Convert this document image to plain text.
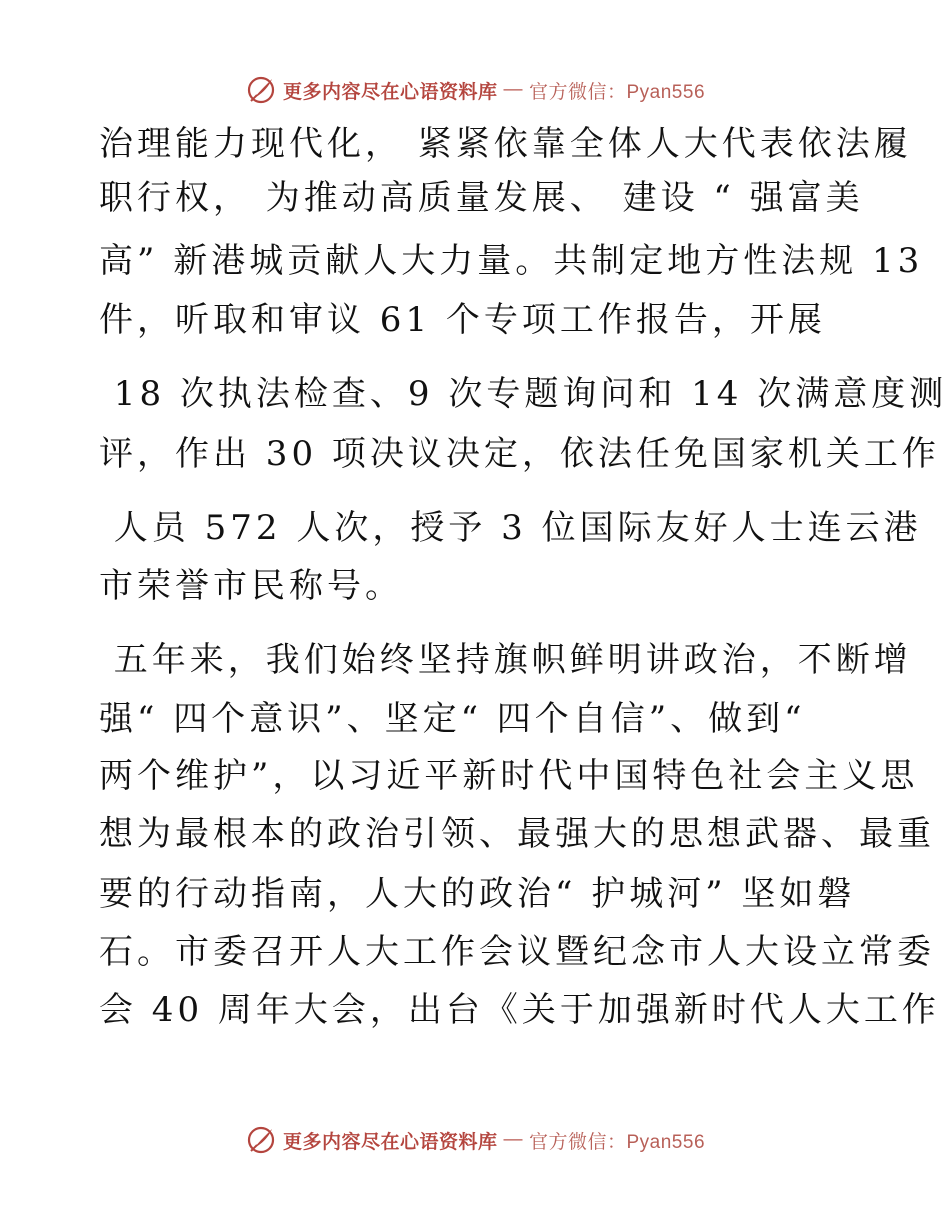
更多内容尽在心语资料库 — 官方微信：Pyan556
治理能力现代化， 紧紧依靠全体人大代表依法履
职行权， 为推动高质量发展、 建设 “ 强富美
高” 新港城贡献人大力量。共制定地方性法规 13
件，听取和审议 61 个专项工作报告，开展
18 次执法检查、9 次专题询问和 14 次满意度测
评，作出 30 项决议决定，依法任免国家机关工作
人员 572 人次，授予 3 位国际友好人士连云港
市荣誉市民称号。
五年来，我们始终坚持旗帜鲜明讲政治，不断增
强“ 四个意识”、坚定“ 四个自信”、做到“
两个维护”，以习近平新时代中国特色社会主义思
想为最根本的政治引领、最强大的思想武器、最重
要的行动指南，人大的政治“ 护城河” 坚如磐
石。市委召开人大工作会议暨纪念市人大设立常委
会 40 周年大会，出台《关于加强新时代人大工作
更多内容尽在心语资料库 — 官方微信：Pyan556
